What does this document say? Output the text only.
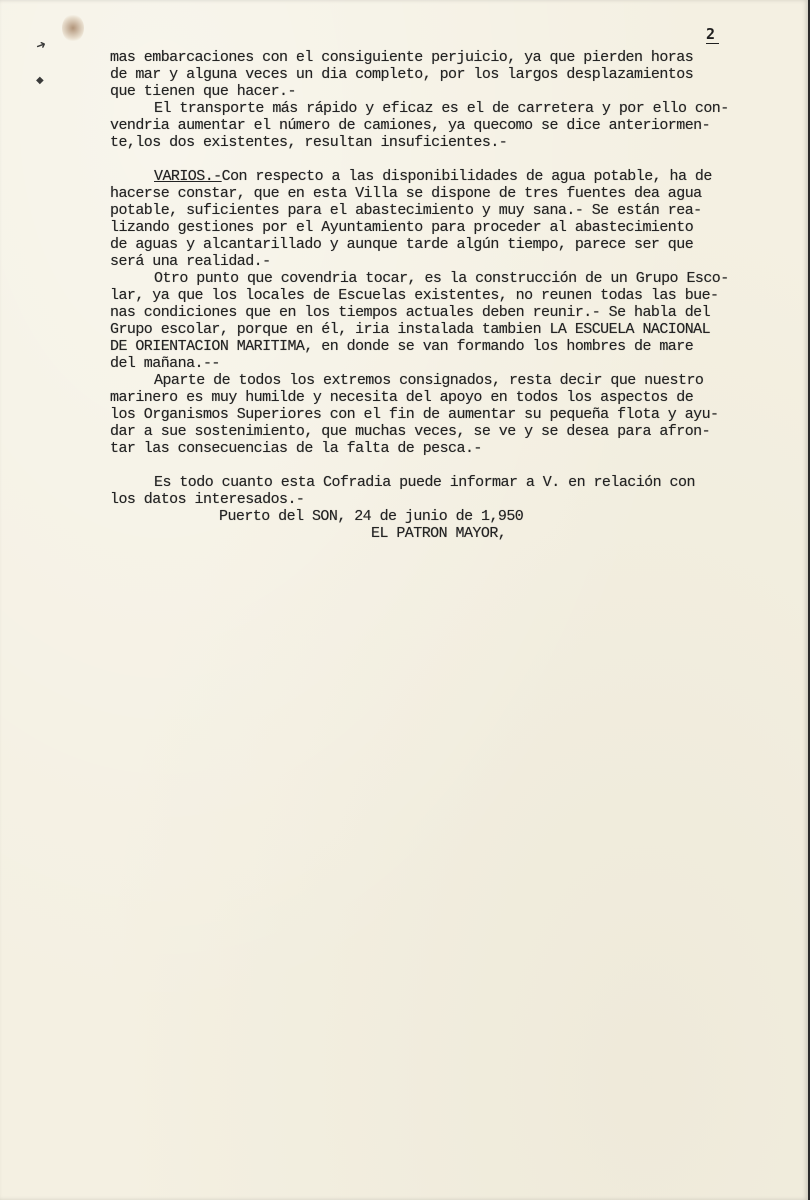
➜
◆
2
mas embarcaciones con el consiguiente perjuicio, ya que pierden horas
de mar y alguna veces un dia completo, por los largos desplazamientos
que tienen que hacer.-
El transporte más rápido y eficaz es el de carretera y por ello con-
vendria aumentar el número de camiones, ya quecomo se dice anteriormen-
te,los dos existentes, resultan insuficientes.-
VARIOS.-Con respecto a las disponibilidades de agua potable, ha de
hacerse constar, que en esta Villa se dispone de tres fuentes dea agua
potable, suficientes para el abastecimiento y muy sana.- Se están rea-
lizando gestiones por el Ayuntamiento para proceder al abastecimiento
de aguas y alcantarillado y aunque tarde algún tiempo, parece ser que
será una realidad.-
Otro punto que covendria tocar, es la construcción de un Grupo Esco-
lar, ya que los locales de Escuelas existentes, no reunen todas las bue-
nas condiciones que en los tiempos actuales deben reunir.- Se habla del
Grupo escolar, porque en él, iria instalada tambien LA ESCUELA NACIONAL
DE ORIENTACION MARITIMA, en donde se van formando los hombres de mare
del mañana.--
Aparte de todos los extremos consignados, resta decir que nuestro
marinero es muy humilde y necesita del apoyo en todos los aspectos de
los Organismos Superiores con el fin de aumentar su pequeña flota y ayu-
dar a sue sostenimiento, que muchas veces, se ve y se desea para afron-
tar las consecuencias de la falta de pesca.-
Es todo cuanto esta Cofradia puede informar a V. en relación con
los datos interesados.-
Puerto del SON, 24 de junio de 1,950
EL PATRON MAYOR,
